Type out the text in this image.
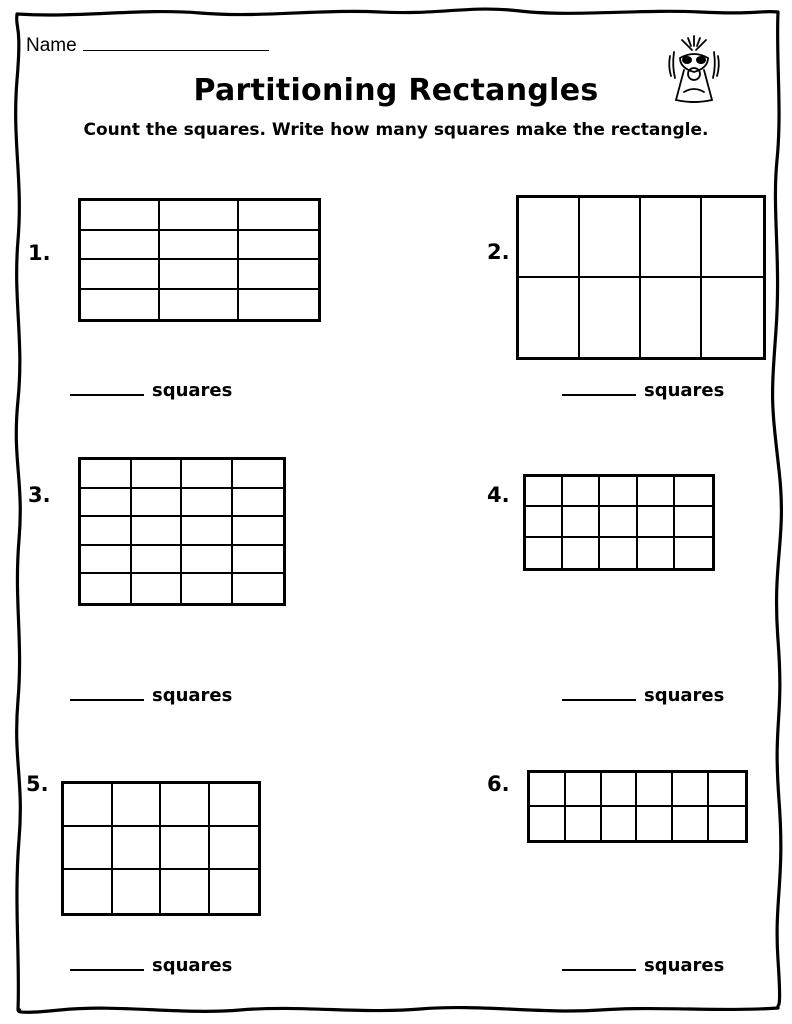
Name
Partitioning Rectangles
Count the squares. Write how many squares make the rectangle.
1.
squares
2.
squares
3.
squares
4.
squares
5.
squares
6.
squares
